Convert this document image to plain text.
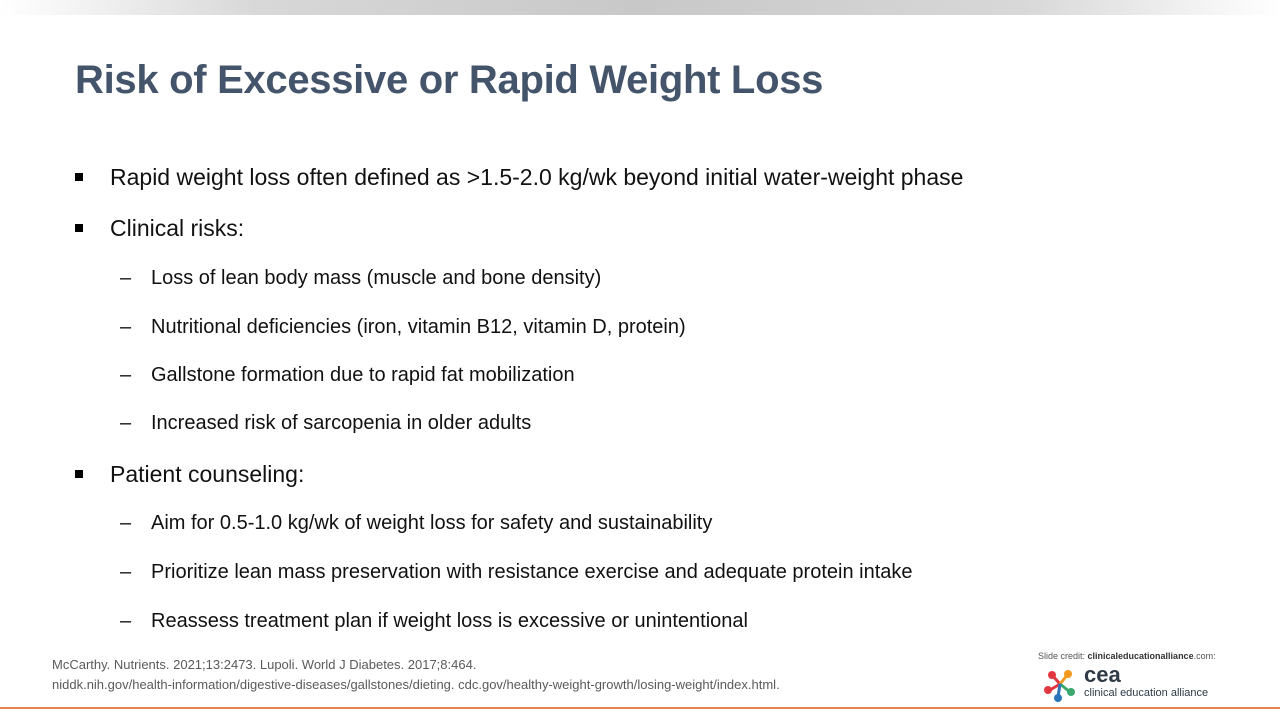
Risk of Excessive or Rapid Weight Loss
Rapid weight loss often defined as >1.5-2.0 kg/wk beyond initial water-weight phase
Clinical risks:
– Loss of lean body mass (muscle and bone density)
– Nutritional deficiencies (iron, vitamin B12, vitamin D, protein)
– Gallstone formation due to rapid fat mobilization
– Increased risk of sarcopenia in older adults
Patient counseling:
– Aim for 0.5-1.0 kg/wk of weight loss for safety and sustainability
– Prioritize lean mass preservation with resistance exercise and adequate protein intake
– Reassess treatment plan if weight loss is excessive or unintentional
McCarthy. Nutrients. 2021;13:2473. Lupoli. World J Diabetes. 2017;8:464.
niddk.nih.gov/health-information/digestive-diseases/gallstones/dieting. cdc.gov/healthy-weight-growth/losing-weight/index.html.
Slide credit: clinicaleducationalliance.com:
cea
clinical education alliance
